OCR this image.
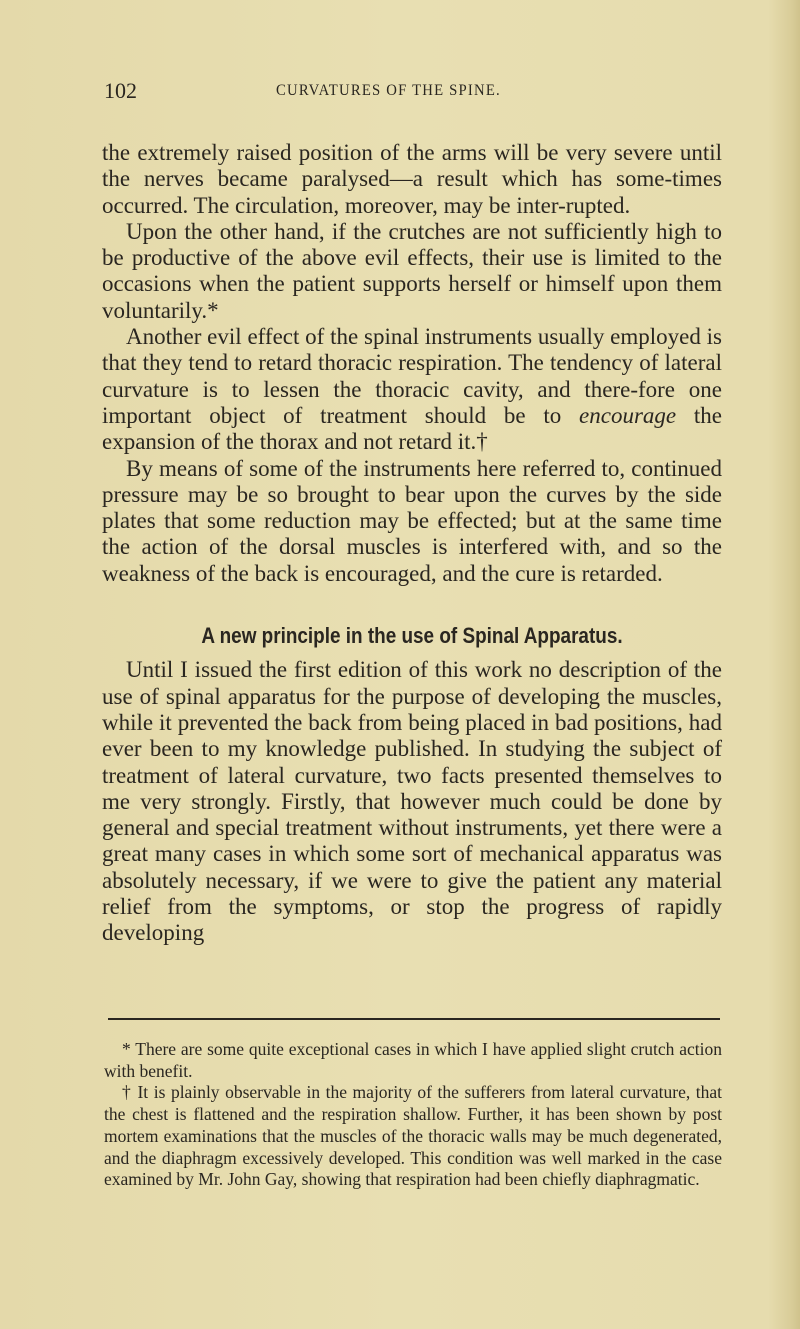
102	CURVATURES OF THE SPINE.

the extremely raised position of the arms will be very severe until the nerves became paralysed—a result which has some-times occurred. The circulation, moreover, may be inter-rupted.

Upon the other hand, if the crutches are not sufficiently high to be productive of the above evil effects, their use is limited to the occasions when the patient supports herself or himself upon them voluntarily.*

Another evil effect of the spinal instruments usually employed is that they tend to retard thoracic respiration. The tendency of lateral curvature is to lessen the thoracic cavity, and there-fore one important object of treatment should be to encourage the expansion of the thorax and not retard it.†

By means of some of the instruments here referred to, continued pressure may be so brought to bear upon the curves by the side plates that some reduction may be effected; but at the same time the action of the dorsal muscles is interfered with, and so the weakness of the back is encouraged, and the cure is retarded.

A new principle in the use of Spinal Apparatus.

Until I issued the first edition of this work no description of the use of spinal apparatus for the purpose of developing the muscles, while it prevented the back from being placed in bad positions, had ever been to my knowledge published. In studying the subject of treatment of lateral curvature, two facts presented themselves to me very strongly. Firstly, that however much could be done by general and special treatment without instruments, yet there were a great many cases in which some sort of mechanical apparatus was absolutely necessary, if we were to give the patient any material relief from the symptoms, or stop the progress of rapidly developing

* There are some quite exceptional cases in which I have applied slight crutch action with benefit.

† It is plainly observable in the majority of the sufferers from lateral curvature, that the chest is flattened and the respiration shallow. Further, it has been shown by post mortem examinations that the muscles of the thoracic walls may be much degenerated, and the diaphragm excessively developed. This condition was well marked in the case examined by Mr. John Gay, showing that respiration had been chiefly diaphragmatic.
